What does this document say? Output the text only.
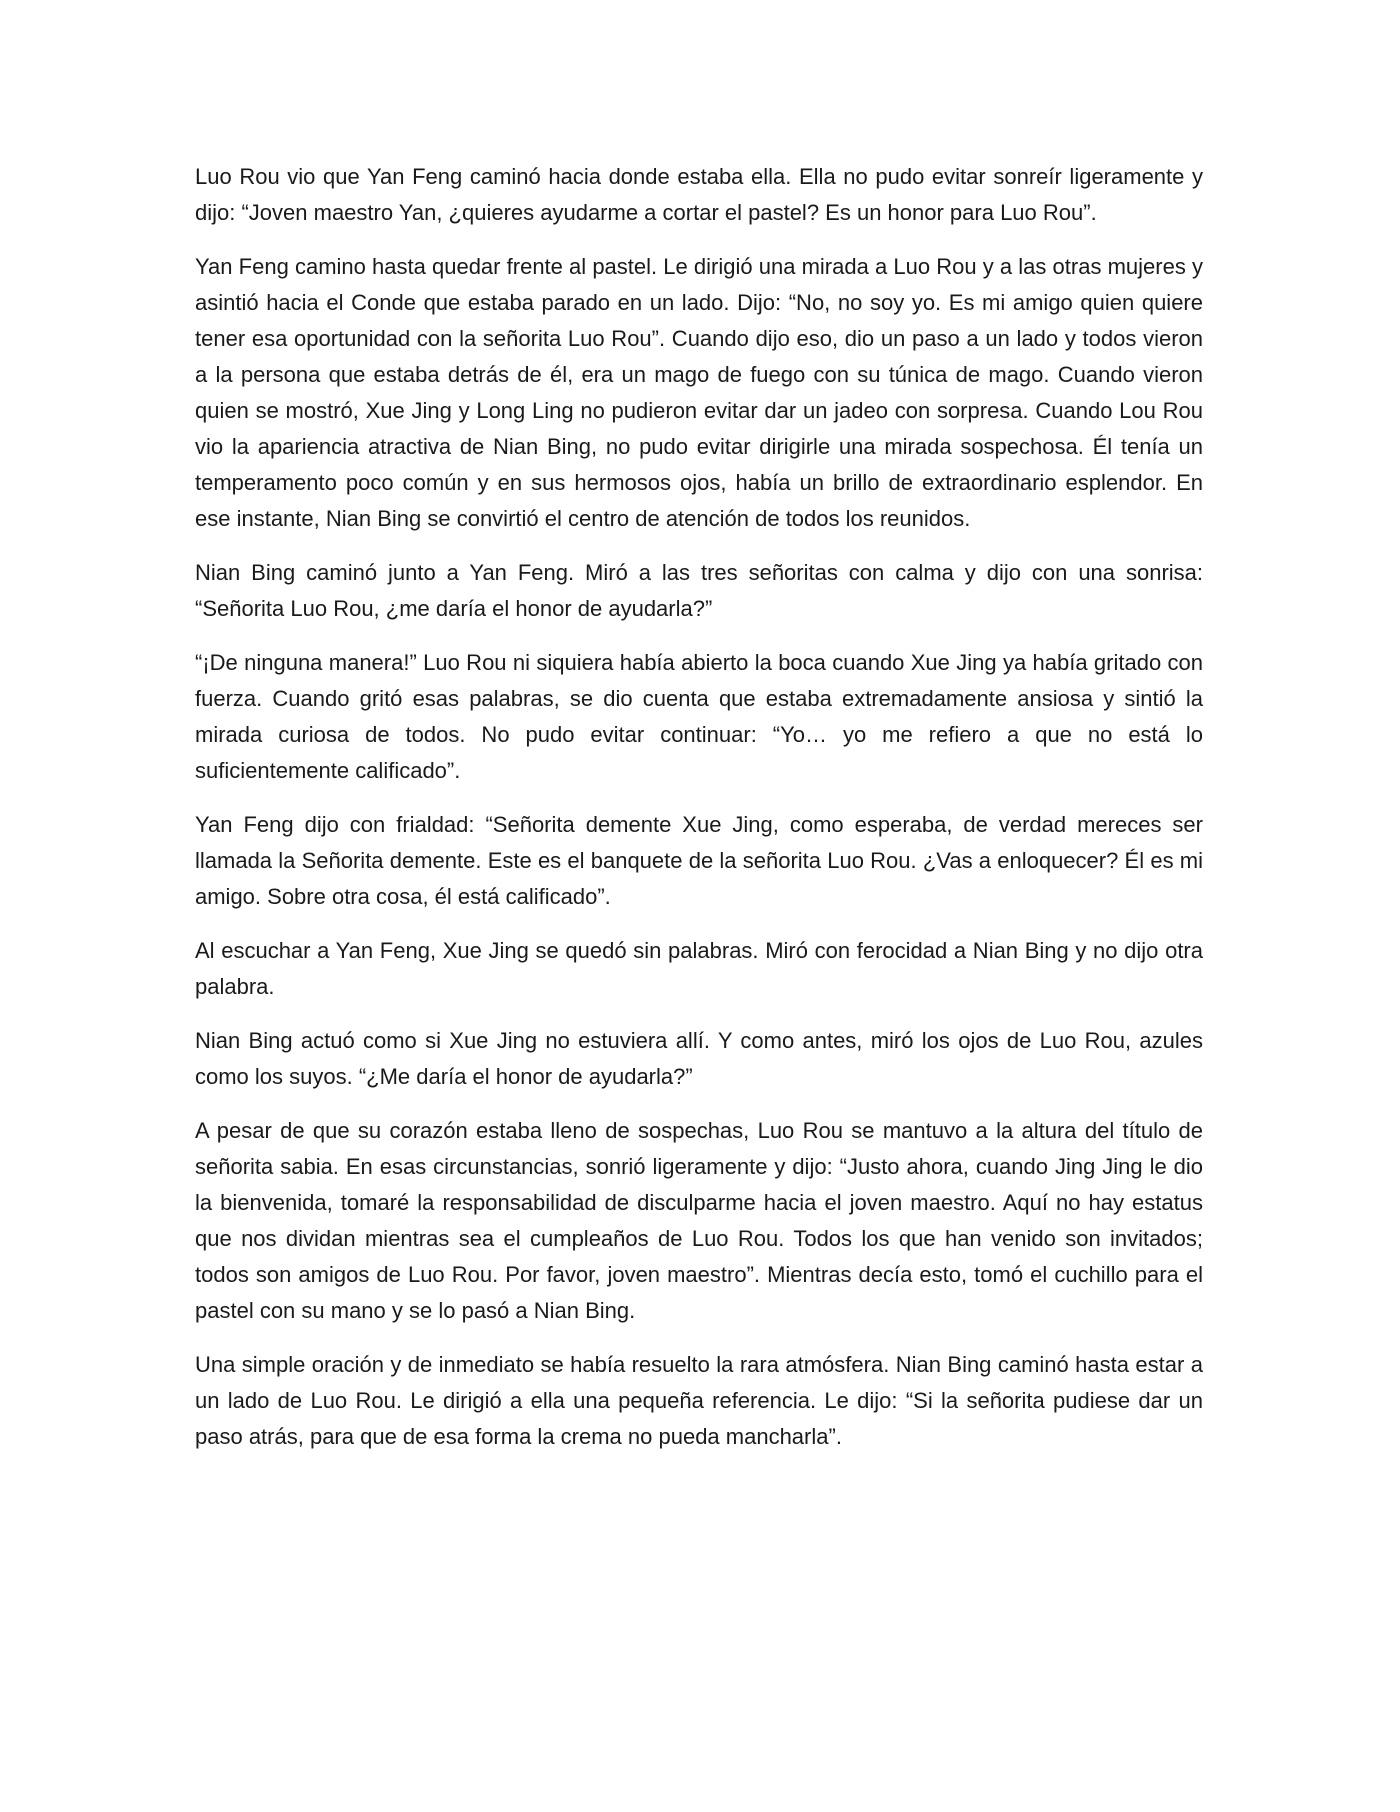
Luo Rou vio que Yan Feng caminó hacia donde estaba ella. Ella no pudo evitar sonreír ligeramente y dijo: “Joven maestro Yan, ¿quieres ayudarme a cortar el pastel? Es un honor para Luo Rou”.

Yan Feng camino hasta quedar frente al pastel. Le dirigió una mirada a Luo Rou y a las otras mujeres y asintió hacia el Conde que estaba parado en un lado. Dijo: “No, no soy yo. Es mi amigo quien quiere tener esa oportunidad con la señorita Luo Rou”. Cuando dijo eso, dio un paso a un lado y todos vieron a la persona que estaba detrás de él, era un mago de fuego con su túnica de mago. Cuando vieron quien se mostró, Xue Jing y Long Ling no pudieron evitar dar un jadeo con sorpresa. Cuando Lou Rou vio la apariencia atractiva de Nian Bing, no pudo evitar dirigirle una mirada sospechosa. Él tenía un temperamento poco común y en sus hermosos ojos, había un brillo de extraordinario esplendor. En ese instante, Nian Bing se convirtió el centro de atención de todos los reunidos.

Nian Bing caminó junto a Yan Feng. Miró a las tres señoritas con calma y dijo con una sonrisa: “Señorita Luo Rou, ¿me daría el honor de ayudarla?”

“¡De ninguna manera!” Luo Rou ni siquiera había abierto la boca cuando Xue Jing ya había gritado con fuerza. Cuando gritó esas palabras, se dio cuenta que estaba extremadamente ansiosa y sintió la mirada curiosa de todos. No pudo evitar continuar: “Yo… yo me refiero a que no está lo suficientemente calificado”.

Yan Feng dijo con frialdad: “Señorita demente Xue Jing, como esperaba, de verdad mereces ser llamada la Señorita demente. Este es el banquete de la señorita Luo Rou. ¿Vas a enloquecer? Él es mi amigo. Sobre otra cosa, él está calificado”.

Al escuchar a Yan Feng, Xue Jing se quedó sin palabras. Miró con ferocidad a Nian Bing y no dijo otra palabra.

Nian Bing actuó como si Xue Jing no estuviera allí. Y como antes, miró los ojos de Luo Rou, azules como los suyos. “¿Me daría el honor de ayudarla?”

A pesar de que su corazón estaba lleno de sospechas, Luo Rou se mantuvo a la altura del título de señorita sabia. En esas circunstancias, sonrió ligeramente y dijo: “Justo ahora, cuando Jing Jing le dio la bienvenida, tomaré la responsabilidad de disculparme hacia el joven maestro. Aquí no hay estatus que nos dividan mientras sea el cumpleaños de Luo Rou. Todos los que han venido son invitados; todos son amigos de Luo Rou. Por favor, joven maestro”. Mientras decía esto, tomó el cuchillo para el pastel con su mano y se lo pasó a Nian Bing.

Una simple oración y de inmediato se había resuelto la rara atmósfera. Nian Bing caminó hasta estar a un lado de Luo Rou. Le dirigió a ella una pequeña referencia. Le dijo: “Si la señorita pudiese dar un paso atrás, para que de esa forma la crema no pueda mancharla”.
